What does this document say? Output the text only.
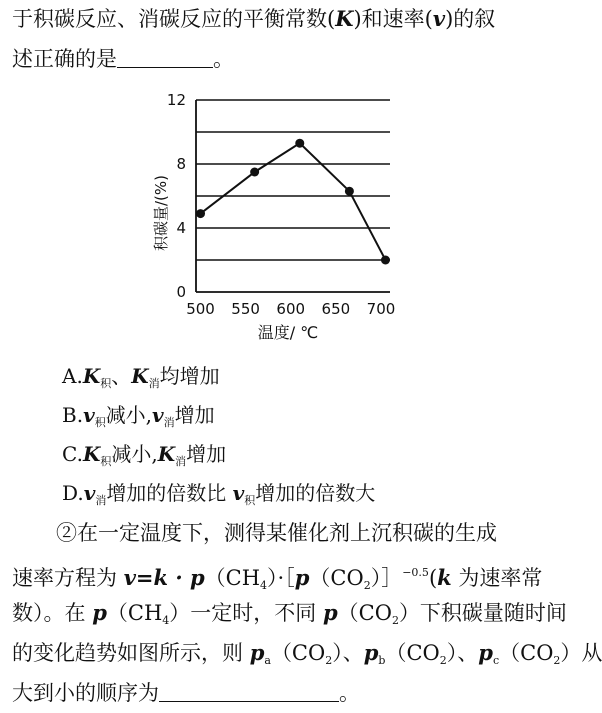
于积碳反应、消碳反应的平衡常数(K)和速率(v)的叙
述正确的是	。
0
4
8
12
500 550 600 650 700
积碳量/(%)
温度/ ℃
$A.K_积$、$K_消$均增加
$B.v_积$减小$,v_消$增加
$C.K_积$减小$,K_消$增加
$D.v_消$增加的倍数比 $v_积$增加的倍数大
②在一定温度下，测得某催化剂上沉积碳的生成
速率方程为 $v=k \cdot p(CH_4)\cdot[p(CO_2)]^{-0.5}(k$ 为速率常
数）。在 $p(CH_4)$一定时，不同 $p(CO_2)$下积碳量随时间
的变化趋势如图所示，则 $p_a(CO_2)$、$p_b(CO_2)$、$p_c(CO_2)$从
大到小的顺序为	。
